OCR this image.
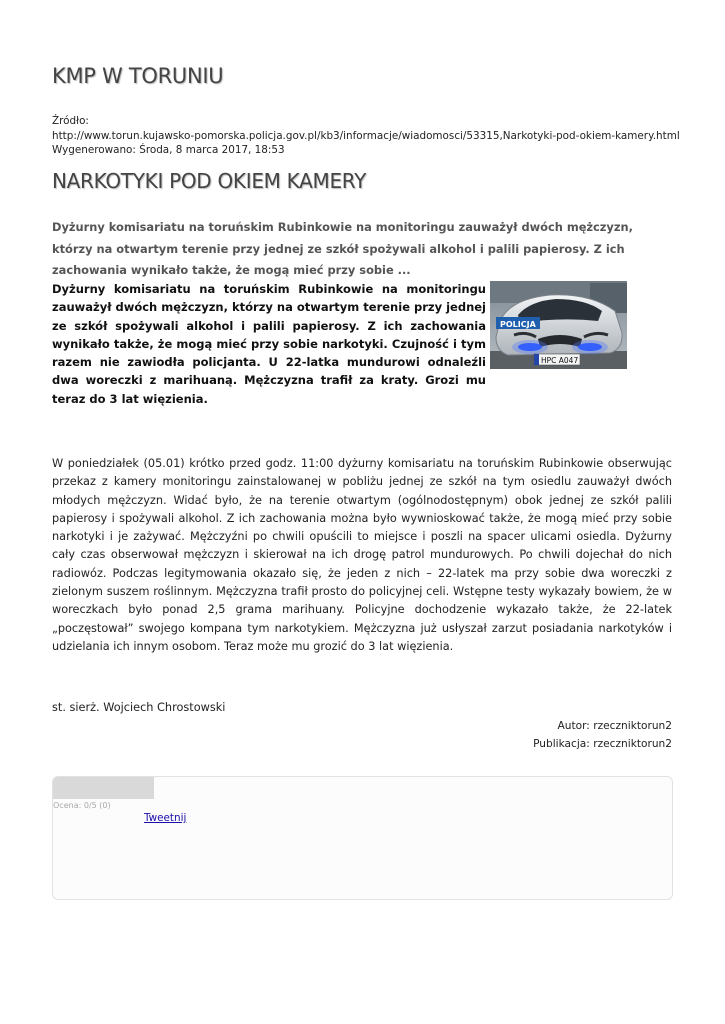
KMP W TORUNIU
Źródło:
http://www.torun.kujawsko-pomorska.policja.gov.pl/kb3/informacje/wiadomosci/53315,Narkotyki-pod-okiem-kamery.html
Wygenerowano: Środa, 8 marca 2017, 18:53
NARKOTYKI POD OKIEM KAMERY

Dyżurny komisariatu na toruńskim Rubinkowie na monitoringu zauważył dwóch mężczyzn, którzy na otwartym terenie przy jednej ze szkół spożywali alkohol i palili papierosy. Z ich zachowania wynikało także, że mogą mieć przy sobie ...

Dyżurny komisariatu na toruńskim Rubinkowie na monitoringu zauważył dwóch mężczyzn, którzy na otwartym terenie przy jednej ze szkół spożywali alkohol i palili papierosy. Z ich zachowania wynikało także, że mogą mieć przy sobie narkotyki. Czujność i tym razem nie zawiodła policjanta. U 22-latka mundurowi odnaleźli dwa woreczki z marihuaną. Mężczyzna trafił za kraty. Grozi mu teraz do 3 lat więzienia.

POLICJA
HPC A047

W poniedziałek (05.01) krótko przed godz. 11:00 dyżurny komisariatu na toruńskim Rubinkowie obserwując przekaz z kamery monitoringu zainstalowanej w pobliżu jednej ze szkół na tym osiedlu zauważył dwóch młodych mężczyzn. Widać było, że na terenie otwartym (ogólnodostępnym) obok jednej ze szkół palili papierosy i spożywali alkohol. Z ich zachowania można było wywnioskować także, że mogą mieć przy sobie narkotyki i je zażywać. Mężczyźni po chwili opuścili to miejsce i poszli na spacer ulicami osiedla. Dyżurny cały czas obserwował mężczyzn i skierował na ich drogę patrol mundurowych. Po chwili dojechał do nich radiowóz. Podczas legitymowania okazało się, że jeden z nich – 22-latek ma przy sobie dwa woreczki z zielonym suszem roślinnym. Mężczyzna trafił prosto do policyjnej celi. Wstępne testy wykazały bowiem, że w woreczkach było ponad 2,5 grama marihuany. Policyjne dochodzenie wykazało także, że 22-latek „poczęstował” swojego kompana tym narkotykiem. Mężczyzna już usłyszał zarzut posiadania narkotyków i udzielania ich innym osobom. Teraz może mu grozić do 3 lat więzienia.

st. sierż. Wojciech Chrostowski
Autor: rzeczniktorun2
Publikacja: rzeczniktorun2
Ocena: 0/5 (0)
Tweetnij
